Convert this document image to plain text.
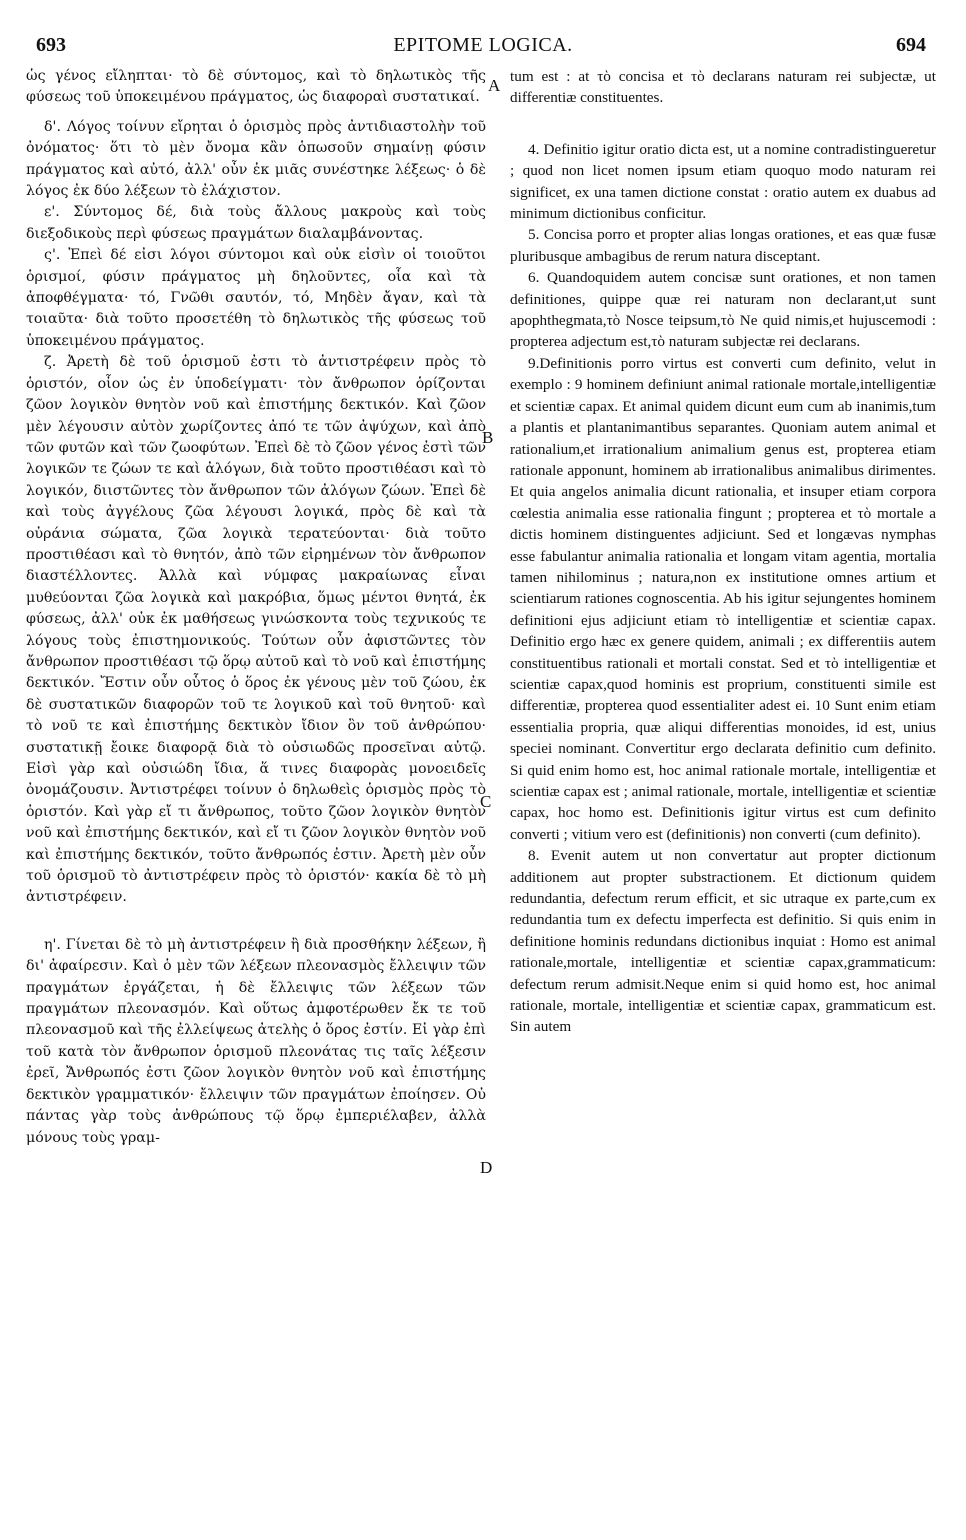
693	EPITOME LOGICA.	694

ὡς γένος εἴληπται· τὸ δὲ σύντομος, καὶ τὸ δηλωτικὸς τῆς φύσεως τοῦ ὑποκειμένου πράγματος, ὡς διαφοραὶ συστατικαί.

δ'. Λόγος τοίνυν εἴρηται ὁ ὁρισμὸς πρὸς ἀντιδιαστολὴν τοῦ ὀνόματος· ὅτι τὸ μὲν ὄνομα κἂν ὁπωσοῦν σημαίνῃ φύσιν πράγματος καὶ αὐτό, ἀλλ' οὖν ἐκ μιᾶς συνέστηκε λέξεως· ὁ δὲ λόγος ἐκ δύο λέξεων τὸ ἐλάχιστον.

ε'. Σύντομος δέ, διὰ τοὺς ἄλλους μακροὺς καὶ τοὺς διεξοδικοὺς περὶ φύσεως πραγμάτων διαλαμβάνοντας.

ς'. Ἐπεὶ δέ εἰσι λόγοι σύντομοι καὶ οὐκ εἰσὶν οἱ τοιοῦτοι ὁρισμοί, φύσιν πράγματος μὴ δηλοῦντες, οἷα καὶ τὰ ἀποφθέγματα· τό, Γνῶθι σαυτόν, τό, Μηδὲν ἄγαν, καὶ τὰ τοιαῦτα· διὰ τοῦτο προσετέθη τὸ δηλωτικὸς τῆς φύσεως τοῦ ὑποκειμένου πράγματος.

ζ. Ἀρετὴ δὲ τοῦ ὁρισμοῦ ἐστι τὸ ἀντιστρέφειν πρὸς τὸ ὁριστόν, οἷον ὡς ἐν ὑποδείγματι· τὸν ἄνθρωπον ὁρίζονται ζῶον λογικὸν θνητὸν νοῦ καὶ ἐπιστήμης δεκτικόν. Καὶ ζῶον μὲν λέγουσιν αὐτὸν χωρίζοντες ἀπό τε τῶν ἀψύχων, καὶ ἀπὸ τῶν φυτῶν καὶ τῶν ζωοφύτων. Ἐπεὶ δὲ τὸ ζῶον γένος ἐστὶ τῶν λογικῶν τε ζώων τε καὶ ἀλόγων, διὰ τοῦτο προστιθέασι καὶ τὸ λογικόν, διιστῶντες τὸν ἄνθρωπον τῶν ἀλόγων ζώων. Ἐπεὶ δὲ καὶ τοὺς ἀγγέλους ζῶα λέγουσι λογικά, πρὸς δὲ καὶ τὰ οὐράνια σώματα, ζῶα λογικὰ τερατεύονται· διὰ τοῦτο προστιθέασι καὶ τὸ θνητόν, ἀπὸ τῶν εἰρημένων τὸν ἄνθρωπον διαστέλλοντες. Ἀλλὰ καὶ νύμφας μακραίωνας εἶναι μυθεύονται ζῶα λογικὰ καὶ μακρόβια, ὅμως μέντοι θνητά, ἐκ φύσεως, ἀλλ' οὐκ ἐκ μαθήσεως γινώσκοντα τοὺς τεχνικούς τε λόγους τοὺς ἐπιστημονικούς. Τούτων οὖν ἀφιστῶντες τὸν ἄνθρωπον προστιθέασι τῷ ὅρῳ αὐτοῦ καὶ τὸ νοῦ καὶ ἐπιστήμης δεκτικόν. Ἔστιν οὖν οὗτος ὁ ὅρος ἐκ γένους μὲν τοῦ ζώου, ἐκ δὲ συστατικῶν διαφορῶν τοῦ τε λογικοῦ καὶ τοῦ θνητοῦ· καὶ τὸ νοῦ τε καὶ ἐπιστήμης δεκτικὸν ἴδιον ὂν τοῦ ἀνθρώπου· συστατικῇ ἔοικε διαφορᾷ διὰ τὸ οὐσιωδῶς προσεῖναι αὐτῷ. Εἰσὶ γὰρ καὶ οὐσιώδη ἴδια, ἅ τινες διαφορὰς μονοειδεῖς ὀνομάζουσιν. Ἀντιστρέφει τοίνυν ὁ δηλωθεὶς ὁρισμὸς πρὸς τὸ ὁριστόν. Καὶ γὰρ εἴ τι ἄνθρωπος, τοῦτο ζῶον λογικὸν θνητὸν νοῦ καὶ ἐπιστήμης δεκτικόν, καὶ εἴ τι ζῶον λογικὸν θνητὸν νοῦ καὶ ἐπιστήμης δεκτικόν, τοῦτο ἄνθρωπός ἐστιν. Ἀρετὴ μὲν οὖν τοῦ ὁρισμοῦ τὸ ἀντιστρέφειν πρὸς τὸ ὁριστόν· κακία δὲ τὸ μὴ ἀντιστρέφειν.

η'. Γίνεται δὲ τὸ μὴ ἀντιστρέφειν ἢ διὰ προσθήκην λέξεων, ἢ δι' ἀφαίρεσιν. Καὶ ὁ μὲν τῶν λέξεων πλεονασμὸς ἔλλειψιν τῶν πραγμάτων ἐργάζεται, ἡ δὲ ἔλλειψις τῶν λέξεων τῶν πραγμάτων πλεονασμόν. Καὶ οὕτως ἀμφοτέρωθεν ἔκ τε τοῦ πλεονασμοῦ καὶ τῆς ἐλλείψεως ἀτελὴς ὁ ὅρος ἐστίν. Εἰ γὰρ ἐπὶ τοῦ κατὰ τὸν ἄνθρωπον ὁρισμοῦ πλεονάτας τις ταῖς λέξεσιν ἐρεῖ, Ἄνθρωπός ἐστι ζῶον λογικὸν θνητὸν νοῦ καὶ ἐπιστήμης δεκτικὸν γραμματικόν· ἔλλειψιν τῶν πραγμάτων ἐποίησεν. Οὐ πάντας γὰρ τοὺς ἀνθρώπους τῷ ὅρῳ ἐμπεριέλαβεν, ἀλλὰ μόνους τοὺς γραμ-

tum est : at τὸ concisa et τὸ declarans naturam rei subjectæ, ut differentiæ constituentes.

4. Definitio igitur oratio dicta est, ut a nomine contradistingueretur ; quod non licet nomen ipsum etiam quoquo modo naturam rei significet, ex una tamen dictione constat : oratio autem ex duabus ad minimum dictionibus conficitur.

5. Concisa porro et propter alias longas orationes, et eas quæ fusæ pluribusque ambagibus de rerum natura disceptant.

6. Quandoquidem autem concisæ sunt orationes, et non tamen definitiones, quippe quæ rei naturam non declarant,ut sunt apophthegmata,τὸ Nosce teipsum,τὸ Ne quid nimis,et hujuscemodi : propterea adjectum est,τὸ naturam subjectæ rei declarans.

9.Definitionis porro virtus est converti cum definito, velut in exemplo : 9 hominem definiunt animal rationale mortale,intelligentiæ et scientiæ capax. Et animal quidem dicunt eum cum ab inanimis,tum a plantis et plantanimantibus separantes. Quoniam autem animal et rationalium,et irrationalium animalium genus est, propterea etiam rationale apponunt, hominem ab irrationalibus animalibus dirimentes. Et quia angelos animalia dicunt rationalia, et insuper etiam corpora cœlestia animalia esse rationalia fingunt ; propterea et τὸ mortale a dictis hominem distinguentes adjiciunt. Sed et longævas nymphas esse fabulantur animalia rationalia et longam vitam agentia, mortalia tamen nihilominus ; natura,non ex institutione omnes artium et scientiarum rationes cognoscentia. Ab his igitur sejungentes hominem definitioni ejus adjiciunt etiam τὸ intelligentiæ et scientiæ capax. Definitio ergo hæc ex genere quidem, animali ; ex differentiis autem constituentibus rationali et mortali constat. Sed et τὸ intelligentiæ et scientiæ capax,quod hominis est proprium, constituenti simile est differentiæ, propterea quod essentialiter adest ei. 10 Sunt enim etiam essentialia propria, quæ aliqui differentias monoides, id est, unius speciei nominant. Convertitur ergo declarata definitio cum definito. Si quid enim homo est, hoc animal rationale mortale, intelligentiæ et scientiæ capax est ; animal rationale, mortale, intelligentiæ et scientiæ capax, hoc homo est. Definitionis igitur virtus est cum definito converti ; vitium vero est (definitionis) non converti (cum definito).

8. Evenit autem ut non convertatur aut propter dictionum additionem aut propter substractionem. Et dictionum quidem redundantia, defectum rerum efficit, et sic utraque ex parte,cum ex redundantia tum ex defectu imperfecta est definitio. Si quis enim in definitione hominis redundans dictionibus inquiat : Homo est animal rationale,mortale, intelligentiæ et scientiæ capax,grammaticum: defectum rerum admisit.Neque enim si quid homo est, hoc animal rationale, mortale, intelligentiæ et scientiæ capax, grammaticum est. Sin autem

A
B
C
D
